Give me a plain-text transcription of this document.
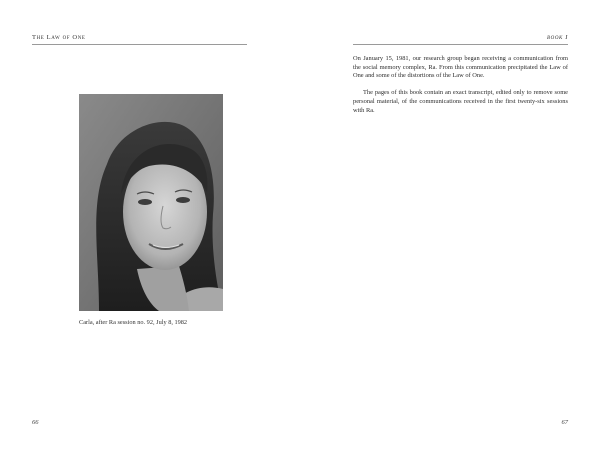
The Law of One
Carla, after Ra session no. 92, July 8, 1982
66
book I

On January 15, 1981, our research group began receiving a communication from the social memory complex, Ra. From this communication precipitated the Law of One and some of the distortions of the Law of One.

The pages of this book contain an exact transcript, edited only to remove some personal material, of the communications received in the first twenty-six sessions with Ra.

67
